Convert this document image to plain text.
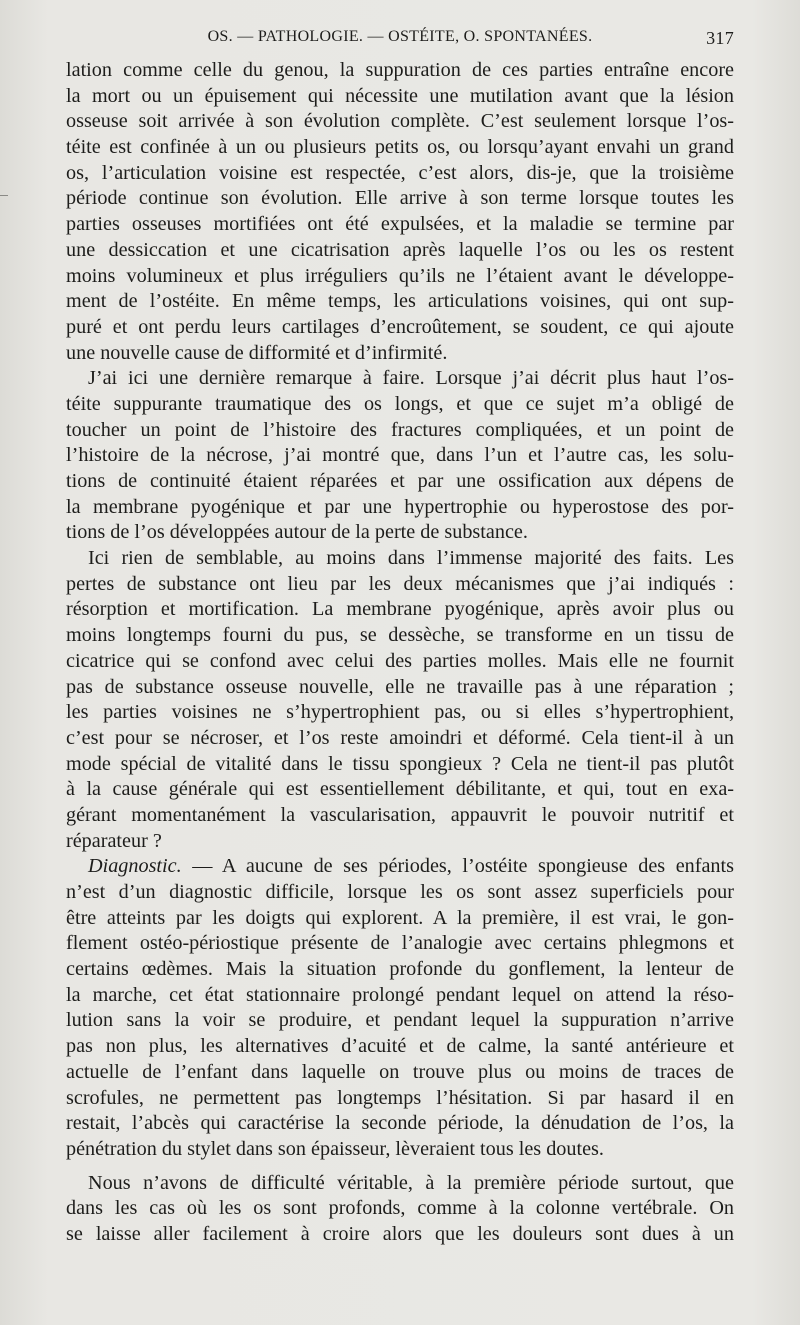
OS. — PATHOLOGIE. — OSTÉITE, O. SPONTANÉES.	317
lation comme celle du genou, la suppuration de ces parties entraîne encore
la mort ou un épuisement qui nécessite une mutilation avant que la lésion
osseuse soit arrivée à son évolution complète. C’est seulement lorsque l’os-
téite est confinée à un ou plusieurs petits os, ou lorsqu’ayant envahi un grand
os, l’articulation voisine est respectée, c’est alors, dis-je, que la troisième
période continue son évolution. Elle arrive à son terme lorsque toutes les
parties osseuses mortifiées ont été expulsées, et la maladie se termine par
une dessiccation et une cicatrisation après laquelle l’os ou les os restent
moins volumineux et plus irréguliers qu’ils ne l’étaient avant le développe-
ment de l’ostéite. En même temps, les articulations voisines, qui ont sup-
puré et ont perdu leurs cartilages d’encroûtement, se soudent, ce qui ajoute
une nouvelle cause de difformité et d’infirmité.
J’ai ici une dernière remarque à faire. Lorsque j’ai décrit plus haut l’os-
téite suppurante traumatique des os longs, et que ce sujet m’a obligé de
toucher un point de l’histoire des fractures compliquées, et un point de
l’histoire de la nécrose, j’ai montré que, dans l’un et l’autre cas, les solu-
tions de continuité étaient réparées et par une ossification aux dépens de
la membrane pyogénique et par une hypertrophie ou hyperostose des por-
tions de l’os développées autour de la perte de substance.
Ici rien de semblable, au moins dans l’immense majorité des faits. Les
pertes de substance ont lieu par les deux mécanismes que j’ai indiqués :
résorption et mortification. La membrane pyogénique, après avoir plus ou
moins longtemps fourni du pus, se dessèche, se transforme en un tissu de
cicatrice qui se confond avec celui des parties molles. Mais elle ne fournit
pas de substance osseuse nouvelle, elle ne travaille pas à une réparation ;
les parties voisines ne s’hypertrophient pas, ou si elles s’hypertrophient,
c’est pour se nécroser, et l’os reste amoindri et déformé. Cela tient-il à un
mode spécial de vitalité dans le tissu spongieux ? Cela ne tient-il pas plutôt
à la cause générale qui est essentiellement débilitante, et qui, tout en exa-
gérant momentanément la vascularisation, appauvrit le pouvoir nutritif et
réparateur ?
Diagnostic. — A aucune de ses périodes, l’ostéite spongieuse des enfants
n’est d’un diagnostic difficile, lorsque les os sont assez superficiels pour
être atteints par les doigts qui explorent. A la première, il est vrai, le gon-
flement ostéo-périostique présente de l’analogie avec certains phlegmons et
certains œdèmes. Mais la situation profonde du gonflement, la lenteur de
la marche, cet état stationnaire prolongé pendant lequel on attend la réso-
lution sans la voir se produire, et pendant lequel la suppuration n’arrive
pas non plus, les alternatives d’acuité et de calme, la santé antérieure et
actuelle de l’enfant dans laquelle on trouve plus ou moins de traces de
scrofules, ne permettent pas longtemps l’hésitation. Si par hasard il en
restait, l’abcès qui caractérise la seconde période, la dénudation de l’os, la
pénétration du stylet dans son épaisseur, lèveraient tous les doutes.
Nous n’avons de difficulté véritable, à la première période surtout, que
dans les cas où les os sont profonds, comme à la colonne vertébrale. On
se laisse aller facilement à croire alors que les douleurs sont dues à un
